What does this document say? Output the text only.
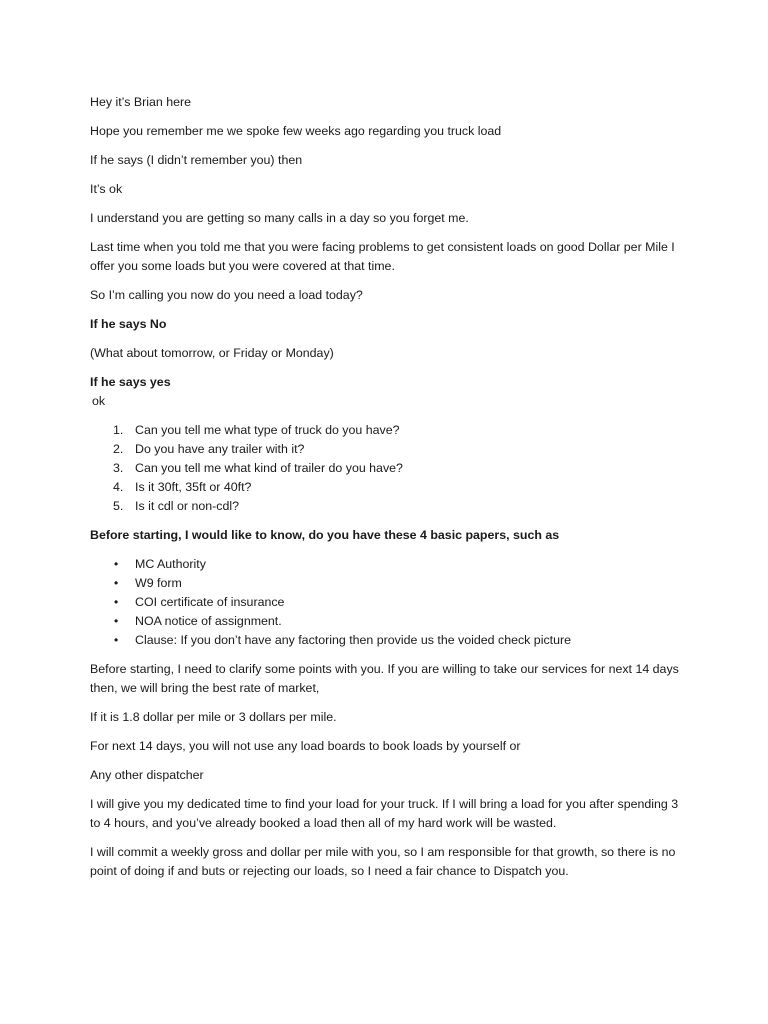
Hey it’s Brian here

Hope you remember me we spoke few weeks ago regarding you truck load

If he says (I didn’t remember you) then

It’s ok

I understand you are getting so many calls in a day so you forget me.

Last time when you told me that you were facing problems to get consistent loads on good Dollar per Mile I offer you some loads but you were covered at that time.

So I’m calling you now do you need a load today?

If he says No

(What about tomorrow, or Friday or Monday)

If he says yes

ok

1. Can you tell me what type of truck do you have?
2. Do you have any trailer with it?
3. Can you tell me what kind of trailer do you have?
4. Is it 30ft, 35ft or 40ft?
5. Is it cdl or non-cdl?

Before starting, I would like to know, do you have these 4 basic papers, such as

• MC Authority
• W9 form
• COI certificate of insurance
• NOA notice of assignment.
• Clause: If you don’t have any factoring then provide us the voided check picture

Before starting, I need to clarify some points with you. If you are willing to take our services for next 14 days then, we will bring the best rate of market,

If it is 1.8 dollar per mile or 3 dollars per mile.

For next 14 days, you will not use any load boards to book loads by yourself or

Any other dispatcher

I will give you my dedicated time to find your load for your truck. If I will bring a load for you after spending 3 to 4 hours, and you’ve already booked a load then all of my hard work will be wasted.

I will commit a weekly gross and dollar per mile with you, so I am responsible for that growth, so there is no point of doing if and buts or rejecting our loads, so I need a fair chance to Dispatch you.
